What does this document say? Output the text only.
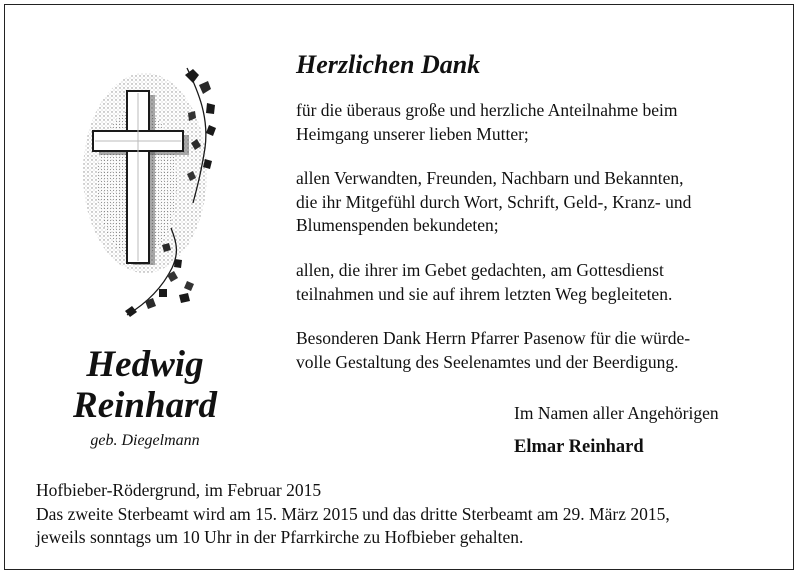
Hedwig
Reinhard
geb. Diegelmann
Herzlichen Dank
für die überaus große und herzliche Anteilnahme beim
Heimgang unserer lieben Mutter;
allen Verwandten, Freunden, Nachbarn und Bekannten,
die ihr Mitgefühl durch Wort, Schrift, Geld-, Kranz- und
Blumenspenden bekundeten;
allen, die ihrer im Gebet gedachten, am Gottesdienst
teilnahmen und sie auf ihrem letzten Weg begleiteten.
Besonderen Dank Herrn Pfarrer Pasenow für die würde-
volle Gestaltung des Seelenamtes und der Beerdigung.
Im Namen aller Angehörigen
Elmar Reinhard
Hofbieber-Rödergrund, im Februar 2015
Das zweite Sterbeamt wird am 15. März 2015 und das dritte Sterbeamt am 29. März 2015,
jeweils sonntags um 10 Uhr in der Pfarrkirche zu Hofbieber gehalten.
